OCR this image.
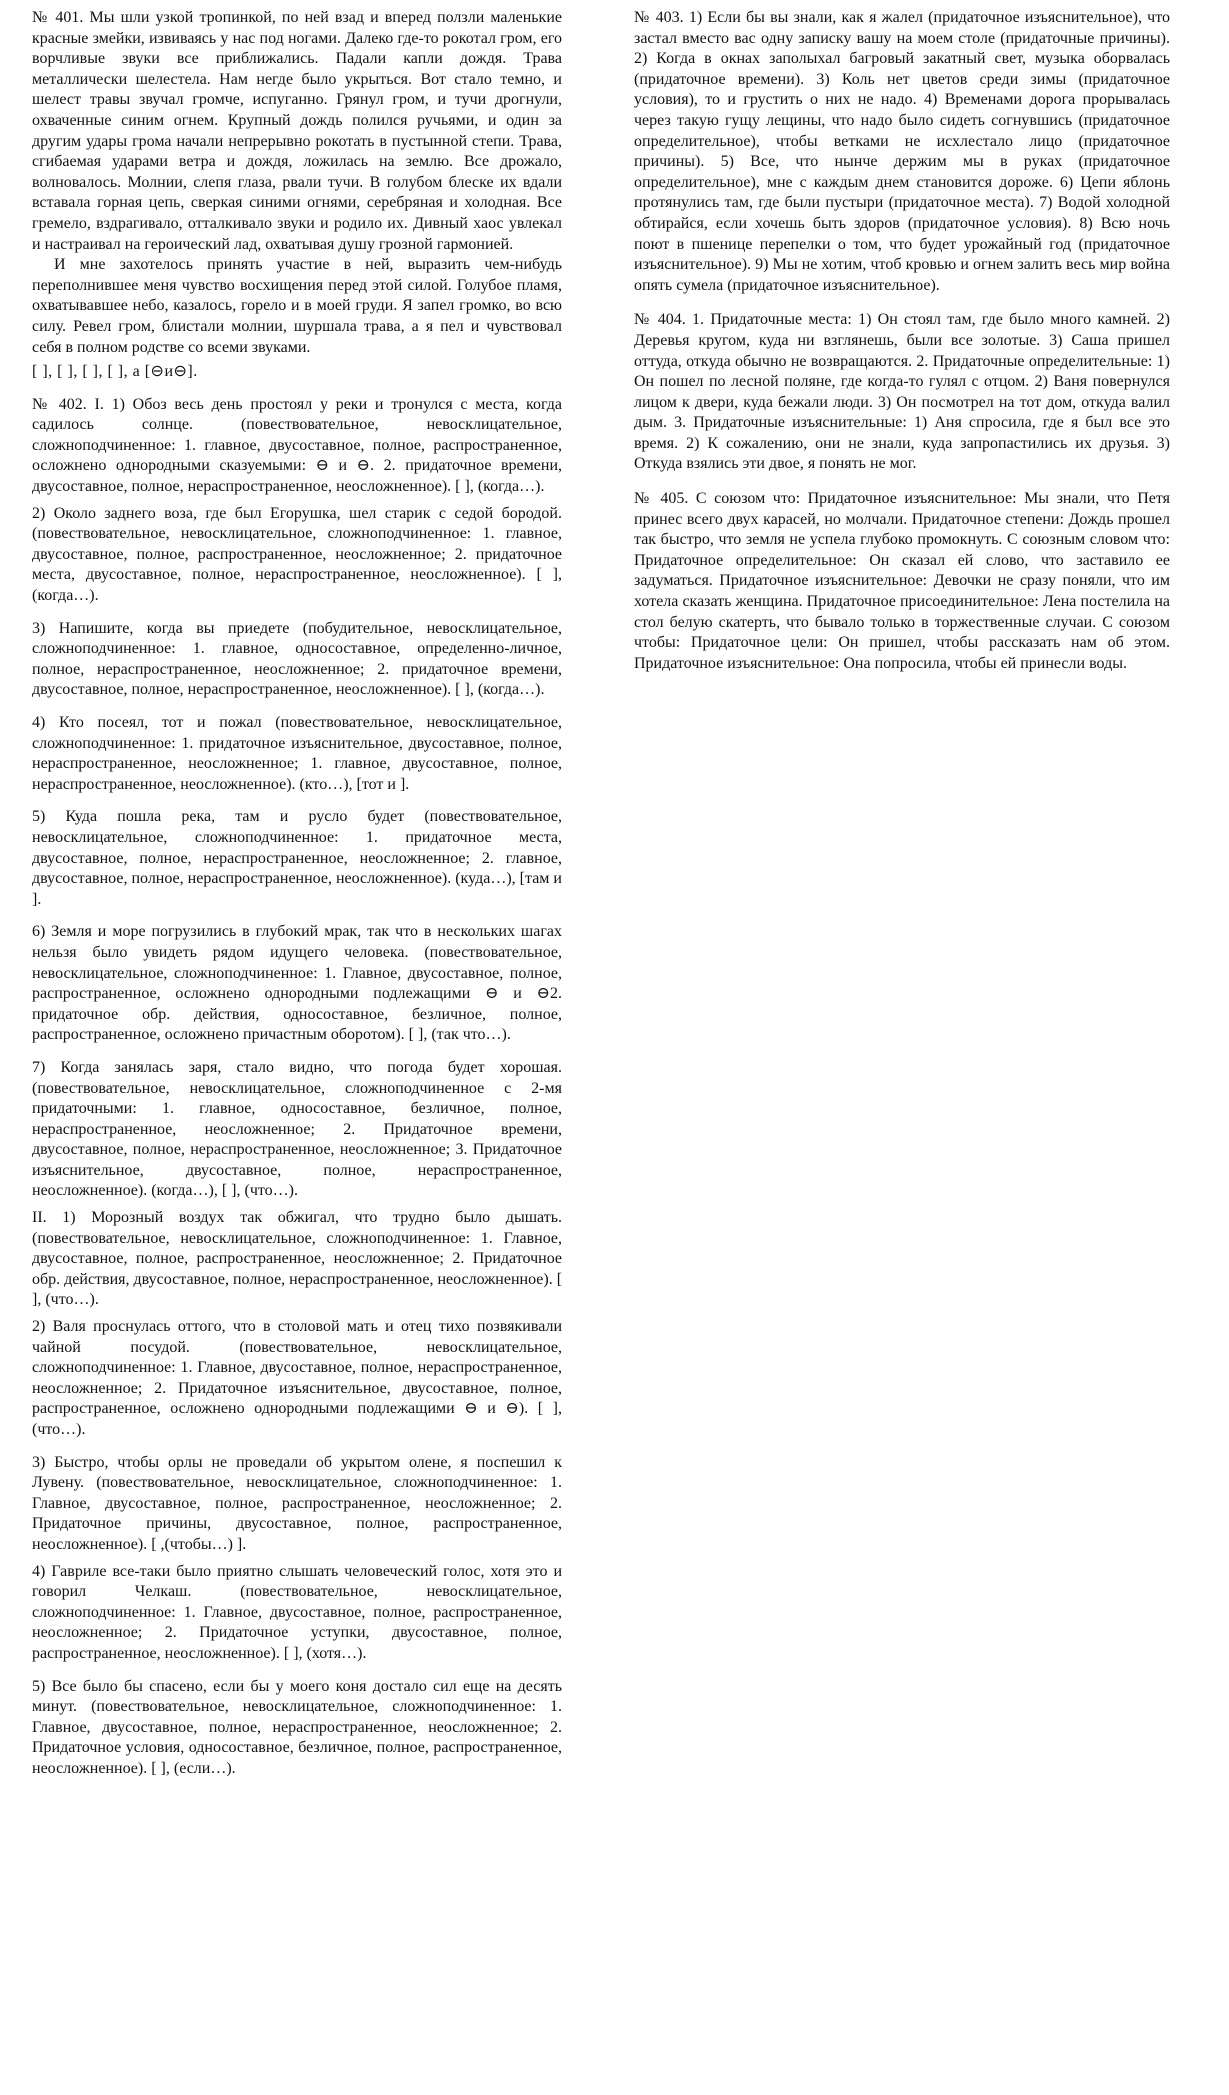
№ 401. Мы шли узкой тропинкой, по ней взад и вперед ползли маленькие красные змейки, извиваясь у нас под ногами. Далеко где-то рокотал гром, его ворчливые звуки все приближались. Падали капли дождя. Трава металлически шелестела. Нам негде было укрыться. Вот стало темно, и шелест травы звучал громче, испуганно. Грянул гром, и тучи дрогнули, охваченные синим огнем. Крупный дождь полился ручьями, и один за другим удары грома начали непрерывно рокотать в пустынной степи. Трава, сгибаемая ударами ветра и дождя, ложилась на землю. Все дрожало, волновалось. Молнии, слепя глаза, рвали тучи. В голубом блеске их вдали вставала горная цепь, сверкая синими огнями, серебряная и холодная. Все гремело, вздрагивало, отталкивало звуки и родило их. Дивный хаос увлекал и настраивал на героический лад, охватывая душу грозной гармонией.

И мне захотелось принять участие в ней, выразить чем-нибудь переполнившее меня чувство восхищения перед этой силой. Голубое пламя, охватывавшее небо, казалось, горело и в моей груди. Я запел громко, во всю силу. Ревел гром, блистали молнии, шуршала трава, а я пел и чувствовал себя в полном родстве со всеми звуками.

[ ], [ ], [ ], [ ], а [⊖и⊖].

№ 402. I. 1) Обоз весь день простоял у реки и тронулся с места, когда садилось солнце. (повествовательное, невосклицательное, сложноподчиненное: 1. главное, двусоставное, полное, распространенное, осложнено однородными сказуемыми: ⊖ и ⊖. 2. придаточное времени, двусоставное, полное, нераспространенное, неосложненное). [ ], (когда…).

2) Около заднего воза, где был Егорушка, шел старик с седой бородой. (повествовательное, невосклицательное, сложноподчиненное: 1. главное, двусоставное, полное, распространенное, неосложненное; 2. придаточное места, двусоставное, полное, нераспространенное, неосложненное). [ ], (когда…).

3) Напишите, когда вы приедете (побудительное, невосклицательное, сложноподчиненное: 1. главное, односоставное, определенно-личное, полное, нераспространенное, неосложненное; 2. придаточное времени, двусоставное, полное, нераспространенное, неосложненное). [ ], (когда…).

4) Кто посеял, тот и пожал (повествовательное, невосклицательное, сложноподчиненное: 1. придаточное изъяснительное, двусоставное, полное, нераспространенное, неосложненное; 1. главное, двусоставное, полное, нераспространенное, неосложненное). (кто…), [тот и ].

5) Куда пошла река, там и русло будет (повествовательное, невосклицательное, сложноподчиненное: 1. придаточное места, двусоставное, полное, нераспространенное, неосложненное; 2. главное, двусоставное, полное, нераспространенное, неосложненное). (куда…), [там и ].

6) Земля и море погрузились в глубокий мрак, так что в нескольких шагах нельзя было увидеть рядом идущего человека. (повествовательное, невосклицательное, сложноподчиненное: 1. Главное, двусоставное, полное, распространенное, осложнено однородными подлежащими ⊖ и ⊖2. придаточное обр. действия, односоставное, безличное, полное, распространенное, осложнено причастным оборотом). [ ], (так что…).

7) Когда занялась заря, стало видно, что погода будет хорошая. (повествовательное, невосклицательное, сложноподчиненное с 2-мя придаточными: 1. главное, односоставное, безличное, полное, нераспространенное, неосложненное; 2. Придаточное времени, двусоставное, полное, нераспространенное, неосложненное; 3. Придаточное изъяснительное, двусоставное, полное, нераспространенное, неосложненное). (когда…), [ ], (что…).

II. 1) Морозный воздух так обжигал, что трудно было дышать. (повествовательное, невосклицательное, сложноподчиненное: 1. Главное, двусоставное, полное, распространенное, неосложненное; 2. Придаточное обр. действия, двусоставное, полное, нераспространенное, неосложненное). [ ], (что…).

2) Валя проснулась оттого, что в столовой мать и отец тихо позвякивали чайной посудой. (повествовательное, невосклицательное, сложноподчиненное: 1. Главное, двусоставное, полное, нераспространенное, неосложненное; 2. Придаточное изъяснительное, двусоставное, полное, распространенное, осложнено однородными подлежащими ⊖ и ⊖). [ ], (что…).

3) Быстро, чтобы орлы не проведали об укрытом олене, я поспешил к Лувену. (повествовательное, невосклицательное, сложноподчиненное: 1. Главное, двусоставное, полное, распространенное, неосложненное; 2. Придаточное причины, двусоставное, полное, распространенное, неосложненное). [ ,(чтобы…) ].

4) Гавриле все-таки было приятно слышать человеческий голос, хотя это и говорил Челкаш. (повествовательное, невосклицательное, сложноподчиненное: 1. Главное, двусоставное, полное, распространенное, неосложненное; 2. Придаточное уступки, двусоставное, полное, распространенное, неосложненное). [ ], (хотя…).

5) Все было бы спасено, если бы у моего коня достало сил еще на десять минут. (повествовательное, невосклицательное, сложноподчиненное: 1. Главное, двусоставное, полное, нераспространенное, неосложненное; 2. Придаточное условия, односоставное, безличное, полное, распространенное, неосложненное). [ ], (если…).

№ 403. 1) Если бы вы знали, как я жалел (придаточное изъяснительное), что застал вместо вас одну записку вашу на моем столе (придаточные причины). 2) Когда в окнах заполыхал багровый закатный свет, музыка оборвалась (придаточное времени). 3) Коль нет цветов среди зимы (придаточное условия), то и грустить о них не надо. 4) Временами дорога прорывалась через такую гущу лещины, что надо было сидеть согнувшись (придаточное определительное), чтобы ветками не исхлестало лицо (придаточное причины). 5) Все, что нынче держим мы в руках (придаточное определительное), мне с каждым днем становится дороже. 6) Цепи яблонь протянулись там, где были пустыри (придаточное места). 7) Водой холодной обтирайся, если хочешь быть здоров (придаточное условия). 8) Всю ночь поют в пшенице перепелки о том, что будет урожайный год (придаточное изъяснительное). 9) Мы не хотим, чтоб кровью и огнем залить весь мир война опять сумела (придаточное изъяснительное).

№ 404. 1. Придаточные места: 1) Он стоял там, где было много камней. 2) Деревья кругом, куда ни взглянешь, были все золотые. 3) Саша пришел оттуда, откуда обычно не возвращаются. 2. Придаточные определительные: 1) Он пошел по лесной поляне, где когда-то гулял с отцом. 2) Ваня повернулся лицом к двери, куда бежали люди. 3) Он посмотрел на тот дом, откуда валил дым. 3. Придаточные изъяснительные: 1) Аня спросила, где я был все это время. 2) К сожалению, они не знали, куда запропастились их друзья. 3) Откуда взялись эти двое, я понять не мог.

№ 405. С союзом что: Придаточное изъяснительное: Мы знали, что Петя принес всего двух карасей, но молчали. Придаточное степени: Дождь прошел так быстро, что земля не успела глубоко промокнуть. С союзным словом что: Придаточное определительное: Он сказал ей слово, что заставило ее задуматься. Придаточное изъяснительное: Девочки не сразу поняли, что им хотела сказать женщина. Придаточное присоединительное: Лена постелила на стол белую скатерть, что бывало только в торжественные случаи. С союзом чтобы: Придаточное цели: Он пришел, чтобы рассказать нам об этом. Придаточное изъяснительное: Она попросила, чтобы ей принесли воды.
